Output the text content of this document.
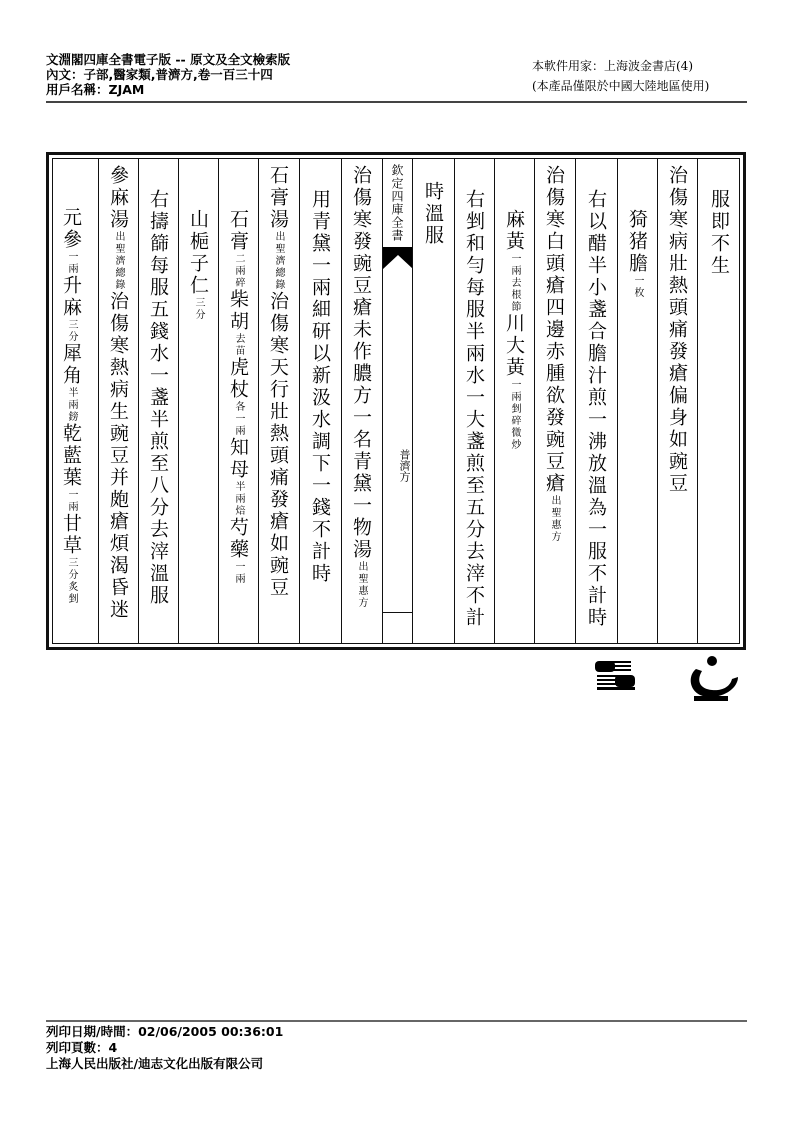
文淵閣四庫全書電子版 -- 原文及全文檢索版
內文：子部,醫家類,普濟方,卷一百三十四
用戶名稱：ZJAM
本軟件用家：上海波金書店(4)
(本產品僅限於中國大陸地區使用)
元參一兩升麻三分犀角半兩鎊乾藍葉一兩甘草三分炙剉
參麻湯出聖濟總錄治傷寒熱病生豌豆并皰瘡煩渴昏迷 右擣篩每服五錢水一盞半煎至八分去滓溫服 山梔子仁三分
石膏二兩碎柴胡去苗虎杖各一兩知母半兩焙芍藥一兩
石膏湯出聖濟總錄治傷寒天行壯熱頭痛發瘡如豌豆 用青黛一兩細研以新汲水調下一錢不計時 治傷寒發豌豆瘡未作膿方一名青黛一物湯出聖惠方
欽定四庫全書
普濟方
時溫服 右剉和勻每服半兩水一大盞煎至五分去滓不計 麻黃一兩去根節川大黃一兩剉碎微炒 治傷寒白頭瘡四邊赤腫欲發豌豆瘡出聖惠方 右以醋半小盞合膽汁煎一沸放溫為一服不計時 猗猪膽一枚 治傷寒病壯熱頭痛發瘡偏身如豌豆 服即不生
列印日期/時間：02/06/2005 00:36:01
列印頁數：4
上海人民出版社/迪志文化出版有限公司
